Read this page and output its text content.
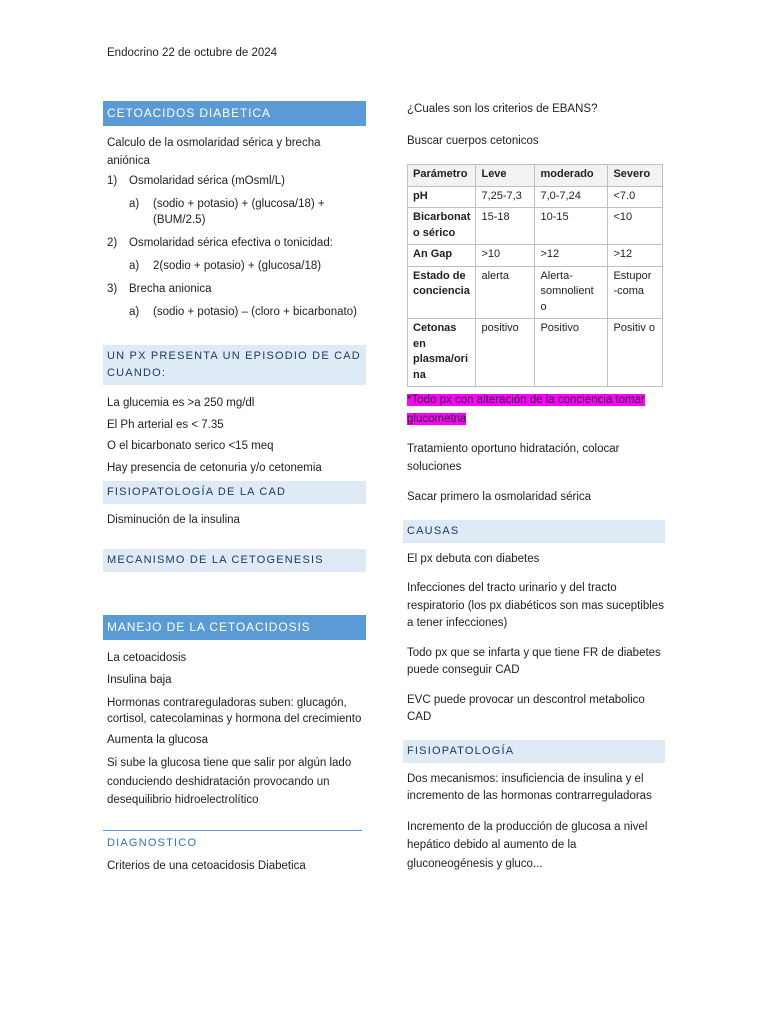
Endocrino 22 de octubre de 2024
CETOACIDOS DIABETICA

Calculo de la osmolaridad sérica y brecha aniónica

1)	Osmolaridad sérica (mOsml/L)
a)	(sodio + potasio) + (glucosa/18) + (BUM/2.5)
2)	Osmolaridad sérica efectiva o tonicidad:
a)	2(sodio + potasio) + (glucosa/18)
3)	Brecha anionica
a)	(sodio + potasio) – (cloro + bicarbonato)
UN PX PRESENTA UN EPISODIO DE CAD CUANDO:

La glucemia es >a 250 mg/dl

El Ph arterial es < 7.35

O el bicarbonato serico <15 meq

Hay presencia de cetonuria y/o cetonemia

FISIOPATOLOGÍA DE LA CAD

Disminución de la insulina

MECANISMO DE LA CETOGENESIS
MANEJO DE LA CETOACIDOSIS

La cetoacidosis

Insulina baja

Hormonas contrareguladoras suben: glucagón, cortisol, catecolaminas y hormona del crecimiento

Aumenta la glucosa

Si sube la glucosa tiene que salir por algún lado conduciendo deshidratación provocando un desequilibrio hidroelectrolítico

DIAGNOSTICO

Criterios de una cetoacidosis Diabetica

¿Cuales son los criterios de EBANS?

Buscar cuerpos cetonicos

Parámetro	Leve	moderado	Severo
pH	7,25-7,3	7,0-7,24	<7.0
Bicarbonat o sérico	15-18	10-15	<10
An Gap	>10	>12	>12
Estado de conciencia	alerta	Alerta-somnolient o	Estupor -coma
Cetonas en plasma/ori na	positivo	Positivo	Positiv o

*Todo px con alteración de la conciencia tomar glucometria

Tratamiento oportuno hidratación, colocar soluciones

Sacar primero la osmolaridad sérica

CAUSAS

El px debuta con diabetes

Infecciones del tracto urinario y del tracto respiratorio (los px diabéticos son mas suceptibles a tener infecciones)

Todo px que se infarta y que tiene FR de diabetes puede conseguir CAD

EVC puede provocar un descontrol metabolico CAD

FISIOPATOLOGÍA

Dos mecanismos: insuficiencia de insulina y el incremento de las hormonas contrarreguladoras

Incremento de la producción de glucosa a nivel hepático debido al aumento de la gluconeogénesis y gluco...
